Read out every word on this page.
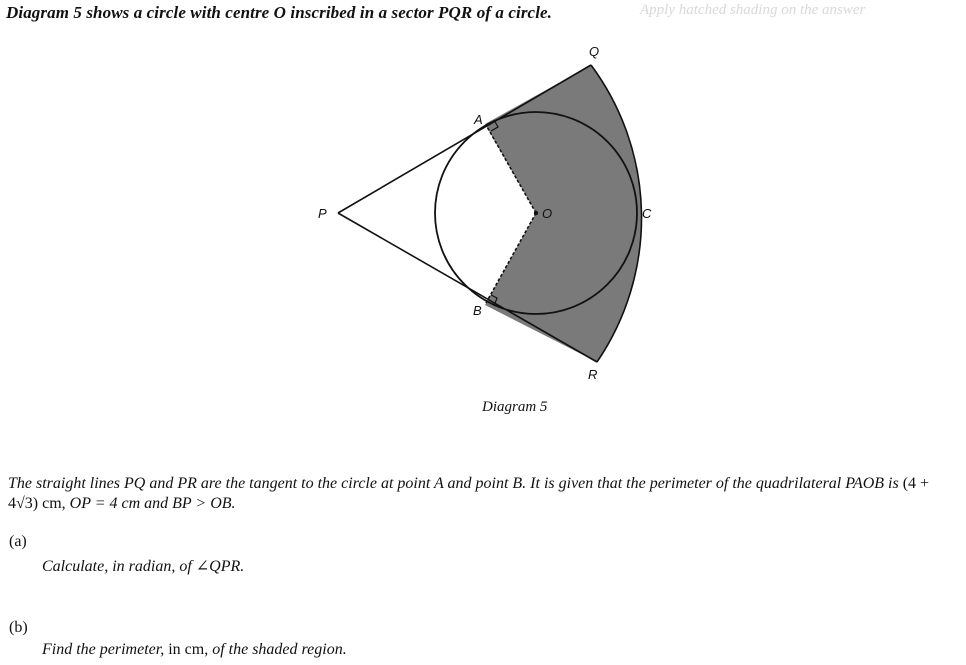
Diagram 5 shows a circle with centre O inscribed in a sector PQR of a circle.	Apply hatched shading on the answer
Q
A
P	O	C
B
R
Diagram 5
The straight lines PQ and PR are the tangent to the circle at point A and point B. It is given that the perimeter of the quadrilateral PAOB is (4 + 4√3) cm, OP = 4 cm and BP > OB.
(a)
Calculate, in radian, of ∠QPR.
(b)
Find the perimeter, in cm, of the shaded region.
